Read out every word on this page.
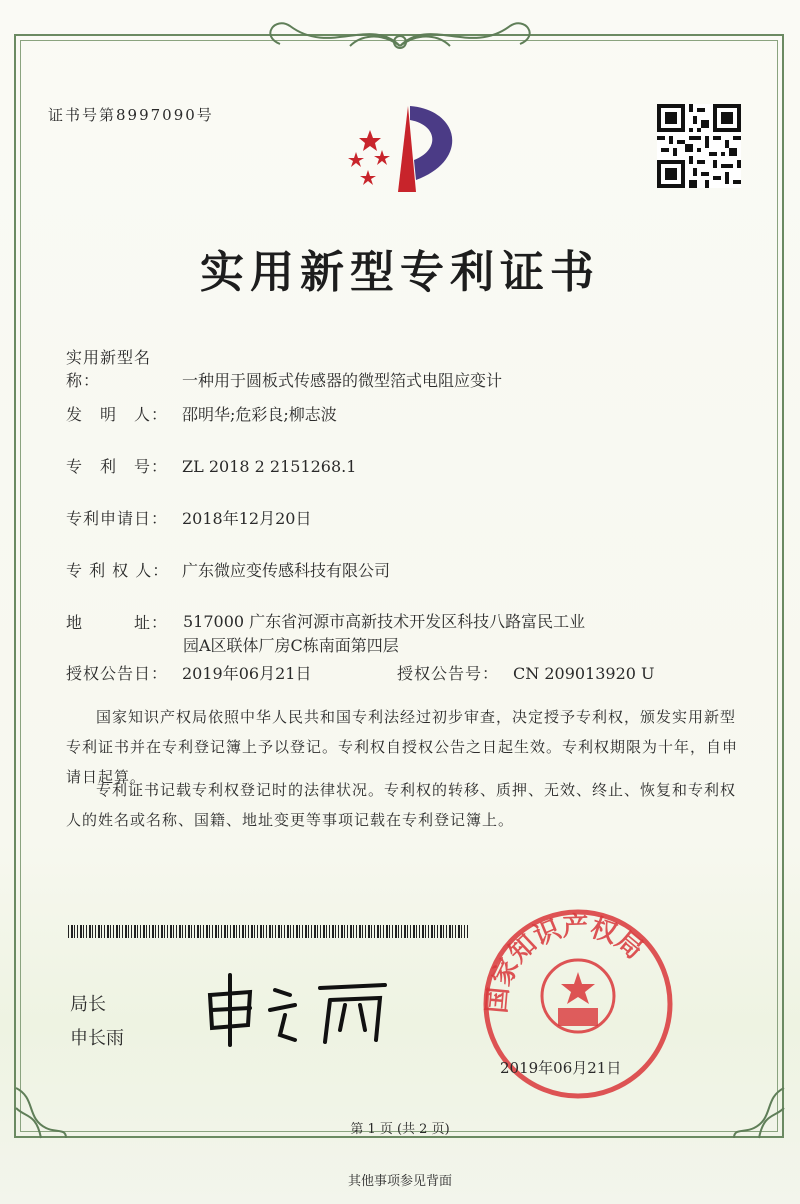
证书号第8997090号
实用新型专利证书
实用新型名称：	一种用于圆板式传感器的微型箔式电阻应变计
发　明　人： 邵明华;危彩良;柳志波
专　利　号： ZL 2018 2 2151268.1
专利申请日： 2018年12月20日
专 利 权 人： 广东微应变传感科技有限公司
地　　　址： 517000 广东省河源市高新技术开发区科技八路富民工业
园A区联体厂房C栋南面第四层
授权公告日： 2019年06月21日	授权公告号： CN 209013920 U
国家知识产权局依照中华人民共和国专利法经过初步审查，决定授予专利权，颁发实用新型专利证书并在专利登记簿上予以登记。专利权自授权公告之日起生效。专利权期限为十年，自申请日起算。
专利证书记载专利权登记时的法律状况。专利权的转移、质押、无效、终止、恢复和专利权人的姓名或名称、国籍、地址变更等事项记载在专利登记簿上。
局长
申长雨
国家知识产权局
2019年06月21日
第 1 页 (共 2 页)
其他事项参见背面
